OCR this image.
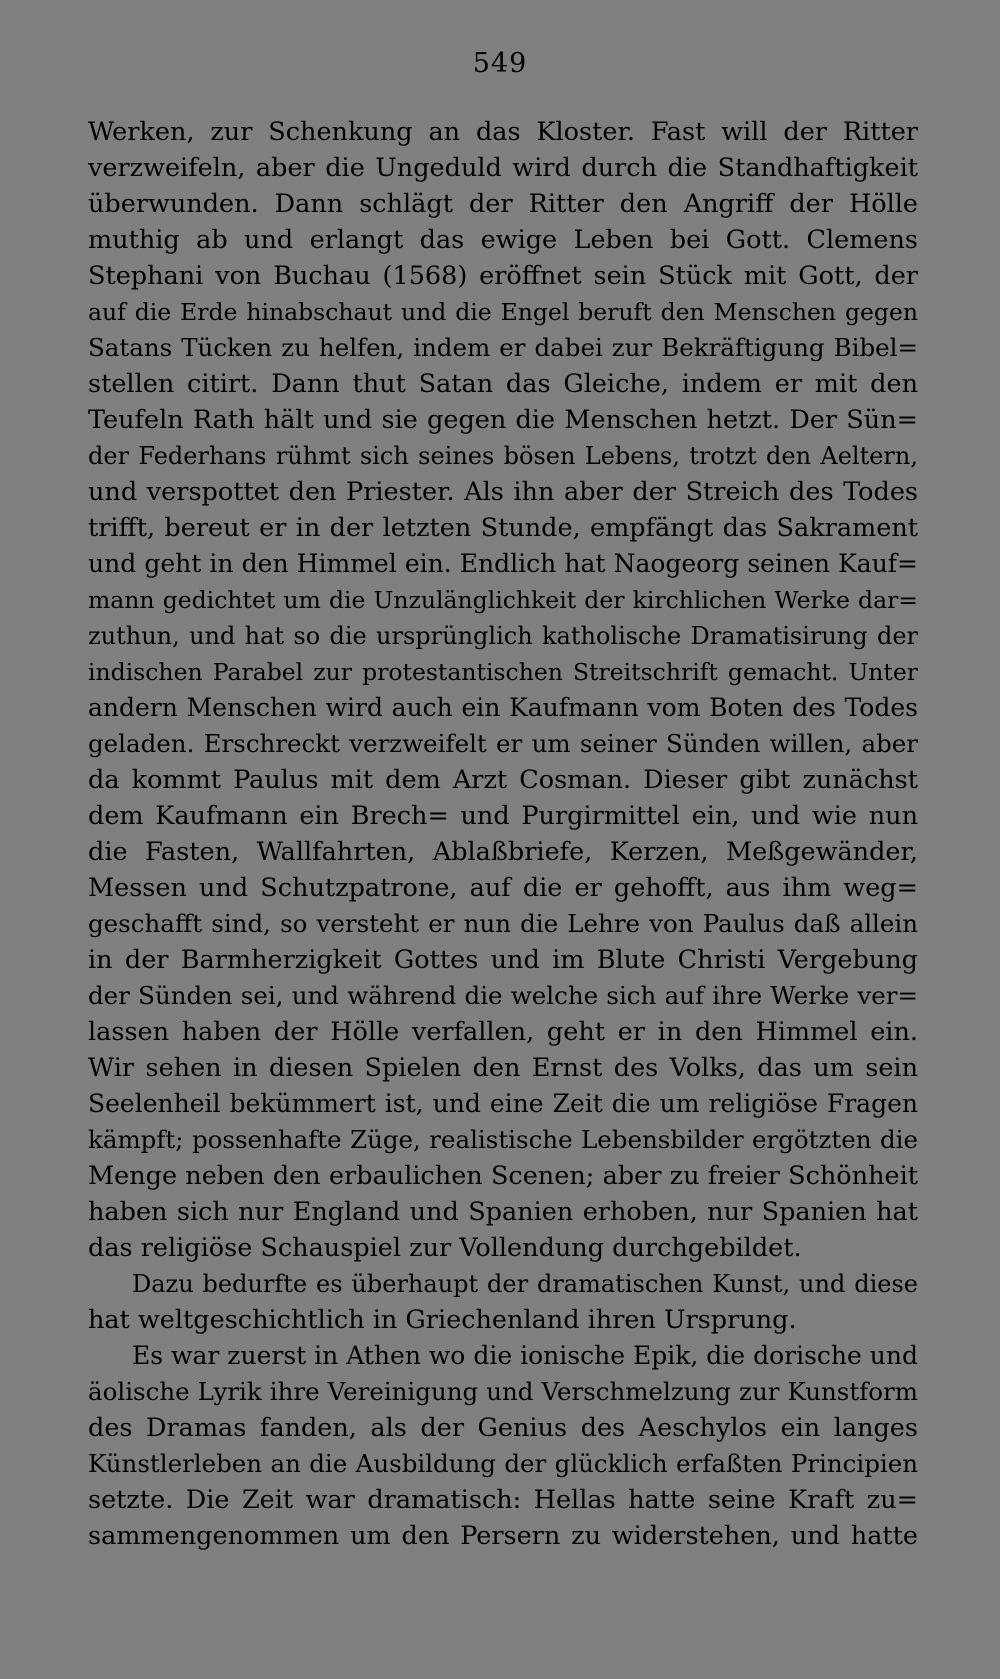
549
Werken, zur Schenkung an das Kloster. Fast will der Ritter
verzweifeln, aber die Ungeduld wird durch die Standhaftigkeit
überwunden. Dann schlägt der Ritter den Angriff der Hölle
muthig ab und erlangt das ewige Leben bei Gott. Clemens
Stephani von Buchau (1568) eröffnet sein Stück mit Gott, der
auf die Erde hinabschaut und die Engel beruft den Menschen gegen
Satans Tücken zu helfen, indem er dabei zur Bekräftigung Bibel=
stellen citirt. Dann thut Satan das Gleiche, indem er mit den
Teufeln Rath hält und sie gegen die Menschen hetzt. Der Sün=
der Federhans rühmt sich seines bösen Lebens, trotzt den Aeltern,
und verspottet den Priester. Als ihn aber der Streich des Todes
trifft, bereut er in der letzten Stunde, empfängt das Sakrament
und geht in den Himmel ein. Endlich hat Naogeorg seinen Kauf=
mann gedichtet um die Unzulänglichkeit der kirchlichen Werke dar=
zuthun, und hat so die ursprünglich katholische Dramatisirung der
indischen Parabel zur protestantischen Streitschrift gemacht. Unter
andern Menschen wird auch ein Kaufmann vom Boten des Todes
geladen. Erschreckt verzweifelt er um seiner Sünden willen, aber
da kommt Paulus mit dem Arzt Cosman. Dieser gibt zunächst
dem Kaufmann ein Brech= und Purgirmittel ein, und wie nun
die Fasten, Wallfahrten, Ablaßbriefe, Kerzen, Meßgewänder,
Messen und Schutzpatrone, auf die er gehofft, aus ihm weg=
geschafft sind, so versteht er nun die Lehre von Paulus daß allein
in der Barmherzigkeit Gottes und im Blute Christi Vergebung
der Sünden sei, und während die welche sich auf ihre Werke ver=
lassen haben der Hölle verfallen, geht er in den Himmel ein.
Wir sehen in diesen Spielen den Ernst des Volks, das um sein
Seelenheil bekümmert ist, und eine Zeit die um religiöse Fragen
kämpft; possenhafte Züge, realistische Lebensbilder ergötzten die
Menge neben den erbaulichen Scenen; aber zu freier Schönheit
haben sich nur England und Spanien erhoben, nur Spanien hat
das religiöse Schauspiel zur Vollendung durchgebildet.
Dazu bedurfte es überhaupt der dramatischen Kunst, und diese
hat weltgeschichtlich in Griechenland ihren Ursprung.
Es war zuerst in Athen wo die ionische Epik, die dorische und
äolische Lyrik ihre Vereinigung und Verschmelzung zur Kunstform
des Dramas fanden, als der Genius des Aeschylos ein langes
Künstlerleben an die Ausbildung der glücklich erfaßten Principien
setzte. Die Zeit war dramatisch: Hellas hatte seine Kraft zu=
sammengenommen um den Persern zu widerstehen, und hatte
